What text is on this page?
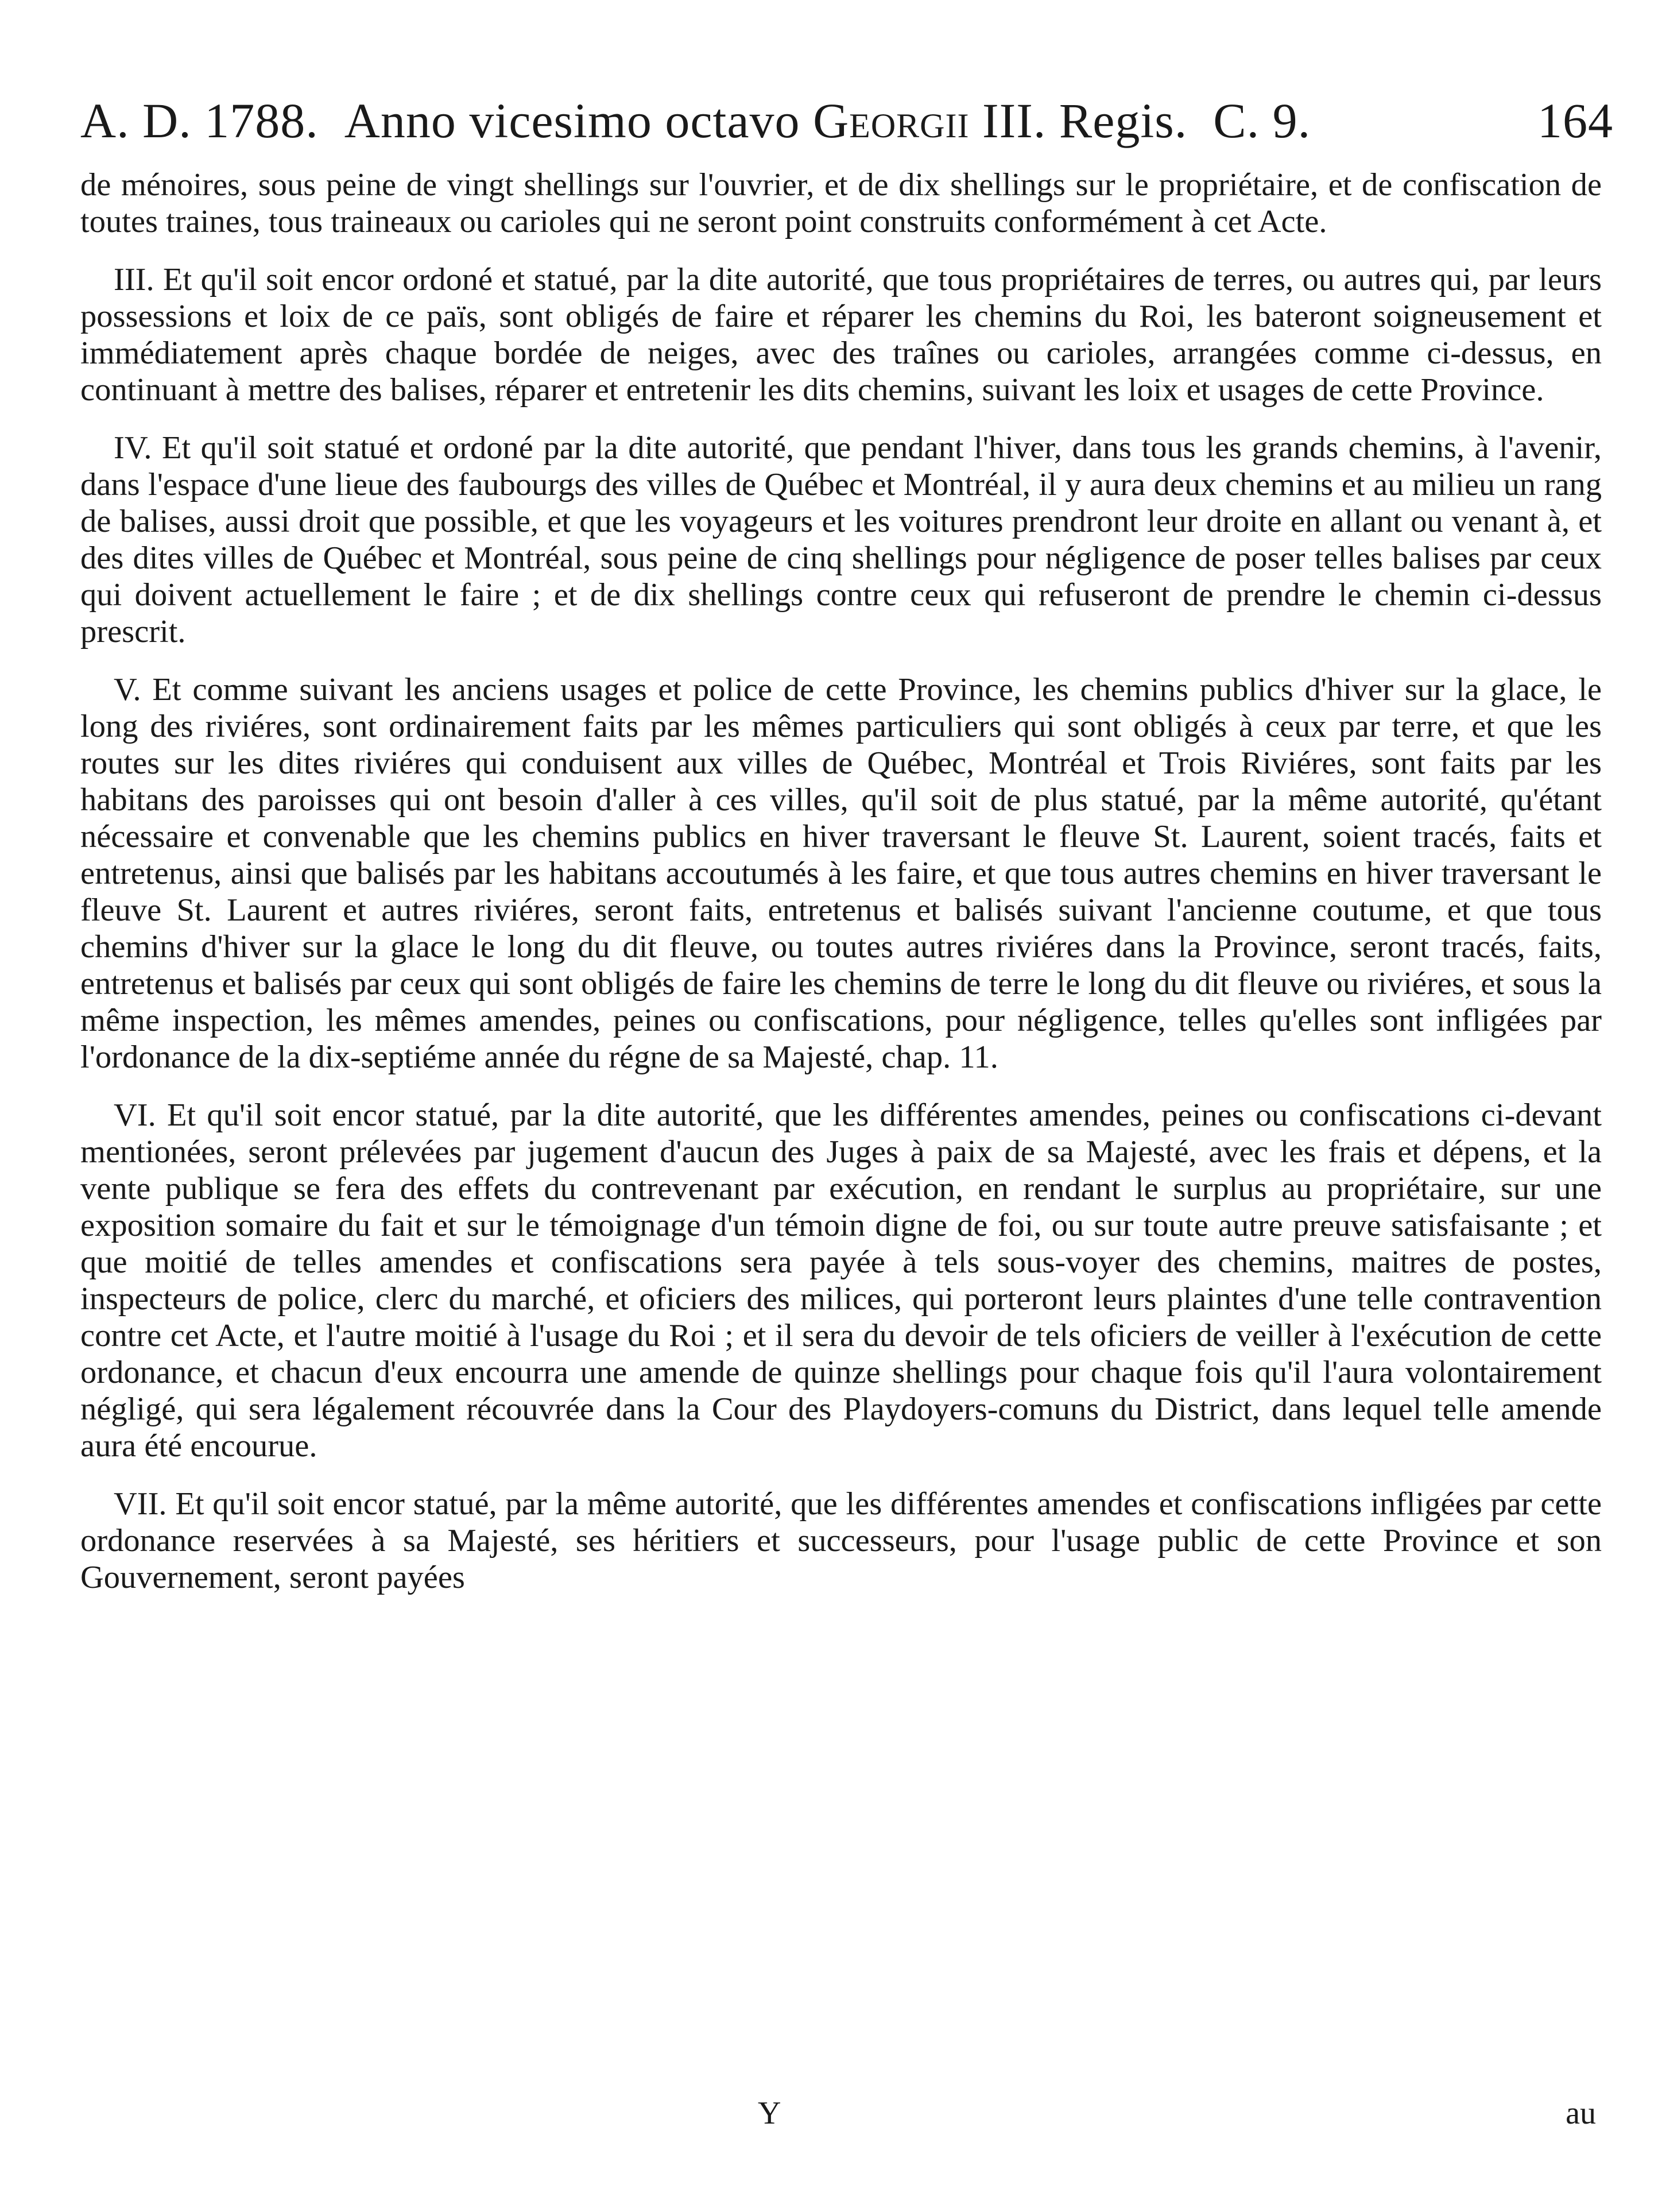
A. D. 1788. Anno vicesimo octavo Georgii III. Regis. C. 9.	164

de ménoires, sous peine de vingt shellings sur l'ouvrier, et de dix shellings sur le propriétaire, et de confiscation de toutes traines, tous traineaux ou carioles qui ne seront point construits conformément à cet Acte.

III. Et qu'il soit encor ordoné et statué, par la dite autorité, que tous propriétaires de terres, ou autres qui, par leurs possessions et loix de ce païs, sont obligés de faire et réparer les chemins du Roi, les bateront soigneusement et immédiatement après chaque bordée de neiges, avec des traînes ou carioles, arrangées comme ci-dessus, en continuant à mettre des balises, réparer et entretenir les dits chemins, suivant les loix et usages de cette Province.

IV. Et qu'il soit statué et ordoné par la dite autorité, que pendant l'hiver, dans tous les grands chemins, à l'avenir, dans l'espace d'une lieue des faubourgs des villes de Québec et Montréal, il y aura deux chemins et au milieu un rang de balises, aussi droit que possible, et que les voyageurs et les voitures prendront leur droite en allant ou venant à, et des dites villes de Québec et Montréal, sous peine de cinq shellings pour négligence de poser telles balises par ceux qui doivent actuellement le faire ; et de dix shellings contre ceux qui refuseront de prendre le chemin ci-dessus prescrit.

V. Et comme suivant les anciens usages et police de cette Province, les chemins publics d'hiver sur la glace, le long des riviéres, sont ordinairement faits par les mêmes particuliers qui sont obligés à ceux par terre, et que les routes sur les dites riviéres qui conduisent aux villes de Québec, Montréal et Trois Riviéres, sont faits par les habitans des paroisses qui ont besoin d'aller à ces villes, qu'il soit de plus statué, par la même autorité, qu'étant nécessaire et convenable que les chemins publics en hiver traversant le fleuve St. Laurent, soient tracés, faits et entretenus, ainsi que balisés par les habitans accoutumés à les faire, et que tous autres chemins en hiver traversant le fleuve St. Laurent et autres riviéres, seront faits, entretenus et balisés suivant l'ancienne coutume, et que tous chemins d'hiver sur la glace le long du dit fleuve, ou toutes autres riviéres dans la Province, seront tracés, faits, entretenus et balisés par ceux qui sont obligés de faire les chemins de terre le long du dit fleuve ou riviéres, et sous la même inspection, les mêmes amendes, peines ou confiscations, pour négligence, telles qu'elles sont infligées par l'ordonance de la dix-septiéme année du régne de sa Majesté, chap. 11.

VI. Et qu'il soit encor statué, par la dite autorité, que les différentes amendes, peines ou confiscations ci-devant mentionées, seront prélevées par jugement d'aucun des Juges à paix de sa Majesté, avec les frais et dépens, et la vente publique se fera des effets du contrevenant par exécution, en rendant le surplus au propriétaire, sur une exposition somaire du fait et sur le témoignage d'un témoin digne de foi, ou sur toute autre preuve satisfaisante ; et que moitié de telles amendes et confiscations sera payée à tels sous-voyer des chemins, maitres de postes, inspecteurs de police, clerc du marché, et oficiers des milices, qui porteront leurs plaintes d'une telle contravention contre cet Acte, et l'autre moitié à l'usage du Roi ; et il sera du devoir de tels oficiers de veiller à l'exécution de cette ordonance, et chacun d'eux encourra une amende de quinze shellings pour chaque fois qu'il l'aura volontairement négligé, qui sera légalement récouvrée dans la Cour des Playdoyers-comuns du District, dans lequel telle amende aura été encourue.

VII. Et qu'il soit encor statué, par la même autorité, que les différentes amendes et confiscations infligées par cette ordonance reservées à sa Majesté, ses héritiers et successeurs, pour l'usage public de cette Province et son Gouvernement, seront payées

Y	au
